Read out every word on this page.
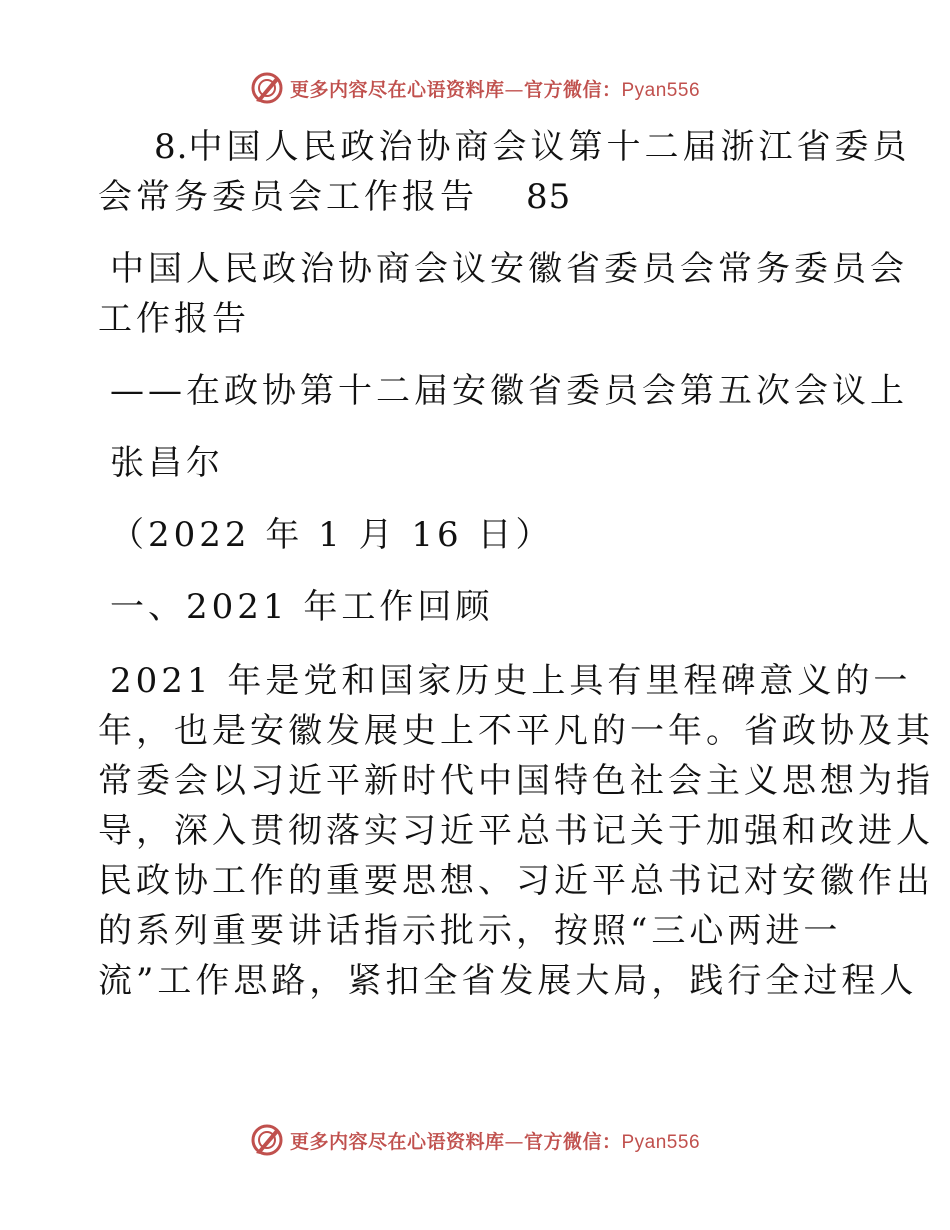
更多内容尽在心语资料库—官方微信：Pyan556
8.中国人民政治协商会议第十二届浙江省委员
会常务委员会工作报告 85
中国人民政治协商会议安徽省委员会常务委员会
工作报告
——在政协第十二届安徽省委员会第五次会议上
张昌尔
（2022 年 1 月 16 日）
一、2021 年工作回顾
2021 年是党和国家历史上具有里程碑意义的一
年，也是安徽发展史上不平凡的一年。省政协及其
常委会以习近平新时代中国特色社会主义思想为指
导，深入贯彻落实习近平总书记关于加强和改进人
民政协工作的重要思想、习近平总书记对安徽作出
的系列重要讲话指示批示，按照“三心两进一
流”工作思路，紧扣全省发展大局，践行全过程人
更多内容尽在心语资料库—官方微信：Pyan556
